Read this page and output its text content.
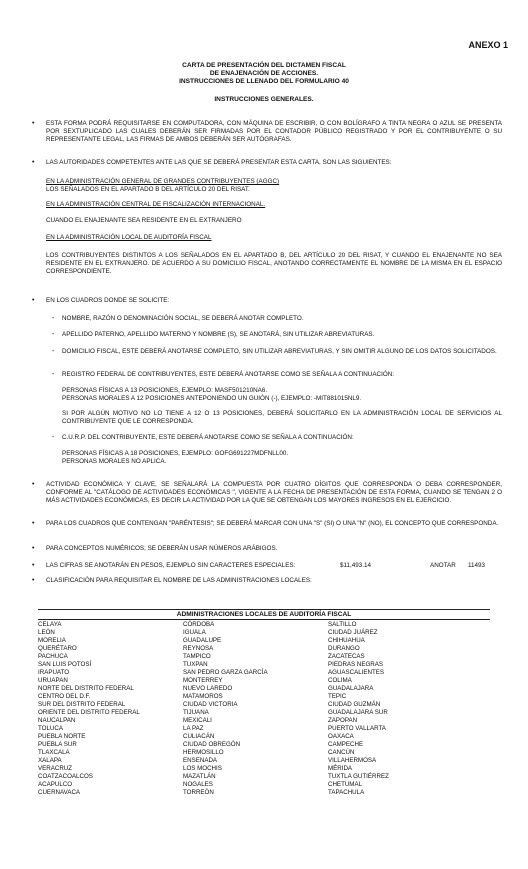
ANEXO 1
CARTA DE PRESENTACIÓN DEL DICTAMEN FISCAL
DE ENAJENACIÓN DE ACCIONES.
INSTRUCCIONES DE LLENADO DEL FORMULARIO 40
INSTRUCCIONES GENERALES.
• ESTA FORMA PODRÁ REQUISITARSE EN COMPUTADORA, CON MÁQUINA DE ESCRIBIR, O CON BOLÍGRAFO A TINTA NEGRA O AZUL SE PRESENTA POR SEXTUPLICADO LAS CUALES DEBERÁN SER FIRMADAS POR EL CONTADOR PÚBLICO REGISTRADO Y POR EL CONTRIBUYENTE O SU REPRESENTANTE LEGAL, LAS FIRMAS DE AMBOS DEBERÁN SER AUTÓGRAFAS.
• LAS AUTORIDADES COMPETENTES ANTE LAS QUE SE DEBERÁ PRESENTAR ESTA CARTA, SON LAS SIGUIENTES:
EN LA ADMINISTRACIÓN GENERAL DE GRANDES CONTRIBUYENTES (AGGC)
LOS SEÑALADOS EN EL APARTADO B DEL ARTÍCULO 20 DEL RISAT.
EN LA ADMINISTRACIÓN CENTRAL DE FISCALIZACIÓN INTERNACIONAL.
CUANDO EL ENAJENANTE SEA RESIDENTE EN EL EXTRANJERO
EN LA ADMINISTRACIÓN LOCAL DE AUDITORÍA FISCAL
LOS CONTRIBUYENTES DISTINTOS A LOS SEÑALADOS EN EL APARTADO B, DEL ARTÍCULO 20 DEL RISAT, Y CUANDO EL ENAJENANTE NO SEA RESIDENTE EN EL EXTRANJERO. DE ACUERDO A SU DOMICILIO FISCAL, ANOTANDO CORRECTAMENTE EL NOMBRE DE LA MISMA EN EL ESPACIO CORRESPONDIENTE.
• EN LOS CUADROS DONDE SE SOLICITE:
- NOMBRE, RAZÓN O DENOMINACIÓN SOCIAL, SE DEBERÁ ANOTAR COMPLETO.
- APELLIDO PATERNO, APELLIDO MATERNO Y NOMBRE (S), SE ANOTARÁ, SIN UTILIZAR ABREVIATURAS.
- DOMICILIO FISCAL, ESTE DEBERÁ ANOTARSE COMPLETO, SIN UTILIZAR ABREVIATURAS, Y SIN OMITIR ALGUNO DE LOS DATOS SOLICITADOS.
- REGISTRO FEDERAL DE CONTRIBUYENTES, ESTE DEBERÁ ANOTARSE COMO SE SEÑALA A CONTINUACIÓN:
PERSONAS FÍSICAS A 13 POSICIONES, EJEMPLO: MASF501210NA6.
PERSONAS MORALES A 12 POSICIONES ANTEPONIENDO UN GUIÓN (-), EJEMPLO: -MIT881015NL9.
SI POR ALGÚN MOTIVO NO LO TIENE A 12 O 13 POSICIONES, DEBERÁ SOLICITARLO EN LA ADMINISTRACIÓN LOCAL DE SERVICIOS AL CONTRIBUYENTE QUE LE CORRESPONDA.
- C.U.R.P. DEL CONTRIBUYENTE, ESTE DEBERÁ ANOTARSE COMO SE SEÑALA A CONTINUACIÓN:
PERSONAS FÍSICAS A 18 POSICIONES, EJEMPLO: GOFG691227MDFNLL00.
PERSONAS MORALES NO APLICA.
• ACTIVIDAD ECONÓMICA Y CLAVE, SE SEÑALARÁ LA COMPUESTA POR CUATRO DÍGITOS QUE CORRESPONDA O DEBA CORRESPONDER, CONFORME AL "CATÁLOGO DE ACTIVIDADES ECONÓMICAS ", VIGENTE A LA FECHA DE PRESENTACIÓN DE ESTA FORMA, CUANDO SE TENGAN 2 O MÁS ACTIVIDADES ECONÓMICAS, ES DECIR LA ACTIVIDAD POR LA QUE SE OBTENGAN LOS MAYORES INGRESOS EN EL EJERCICIO.
• PARA LOS CUADROS QUE CONTENGAN "PARÉNTESIS"; SE DEBERÁ MARCAR CON UNA "S" (SI) O UNA "N" (NO), EL CONCEPTO QUE CORRESPONDA.
• PARA CONCEPTOS NUMÉRICOS; SE DEBERÁN USAR NÚMEROS ARÁBIGOS.
• LAS CIFRAS SE ANOTARÁN EN PESOS, EJEMPLO SIN CARACTERES ESPECIALES:	$11,493.14	ANOTAR 11493
• CLASIFICACIÓN PARA REQUISITAR EL NOMBRE DE LAS ADMINISTRACIONES LOCALES:
ADMINISTRACIONES LOCALES DE AUDITORÍA FISCAL
CELAYA
LEÓN
MORELIA
QUERÉTARO
PACHUCA
SAN LUIS POTOSÍ
IRAPUATO
URUAPAN
NORTE DEL DISTRITO FEDERAL
CENTRO DEL D.F.
SUR DEL DISTRITO FEDERAL
ORIENTE DEL DISTRITO FEDERAL
NAUCALPAN
TOLUCA
PUEBLA NORTE
PUEBLA SUR
TLAXCALA
XALAPA
VERACRUZ
COATZACOALCOS
ACAPULCO
CUERNAVACA
CÓRDOBA
IGUALA
GUADALUPE
REYNOSA
TAMPICO
TUXPAN
SAN PEDRO GARZA GARCÍA
MONTERREY
NUEVO LAREDO
MATAMOROS
CIUDAD VICTORIA
TIJUANA
MEXICALI
LA PAZ
CULIACÁN
CIUDAD OBREGÓN
HERMOSILLO
ENSENADA
LOS MOCHIS
MAZATLÁN
NOGALES
TORREÓN
SALTILLO
CIUDAD JUÁREZ
CHIHUAHUA
DURANGO
ZACATECAS
PIEDRAS NEGRAS
AGUASCALIENTES
COLIMA
GUADALAJARA
TEPIC
CIUDAD GUZMÁN
GUADALAJARA SUR
ZAPOPAN
PUERTO VALLARTA
OAXACA
CAMPECHE
CANCÚN
VILLAHERMOSA
MÉRIDA
TUXTLA GUTIÉRREZ
CHETUMAL
TAPACHULA
